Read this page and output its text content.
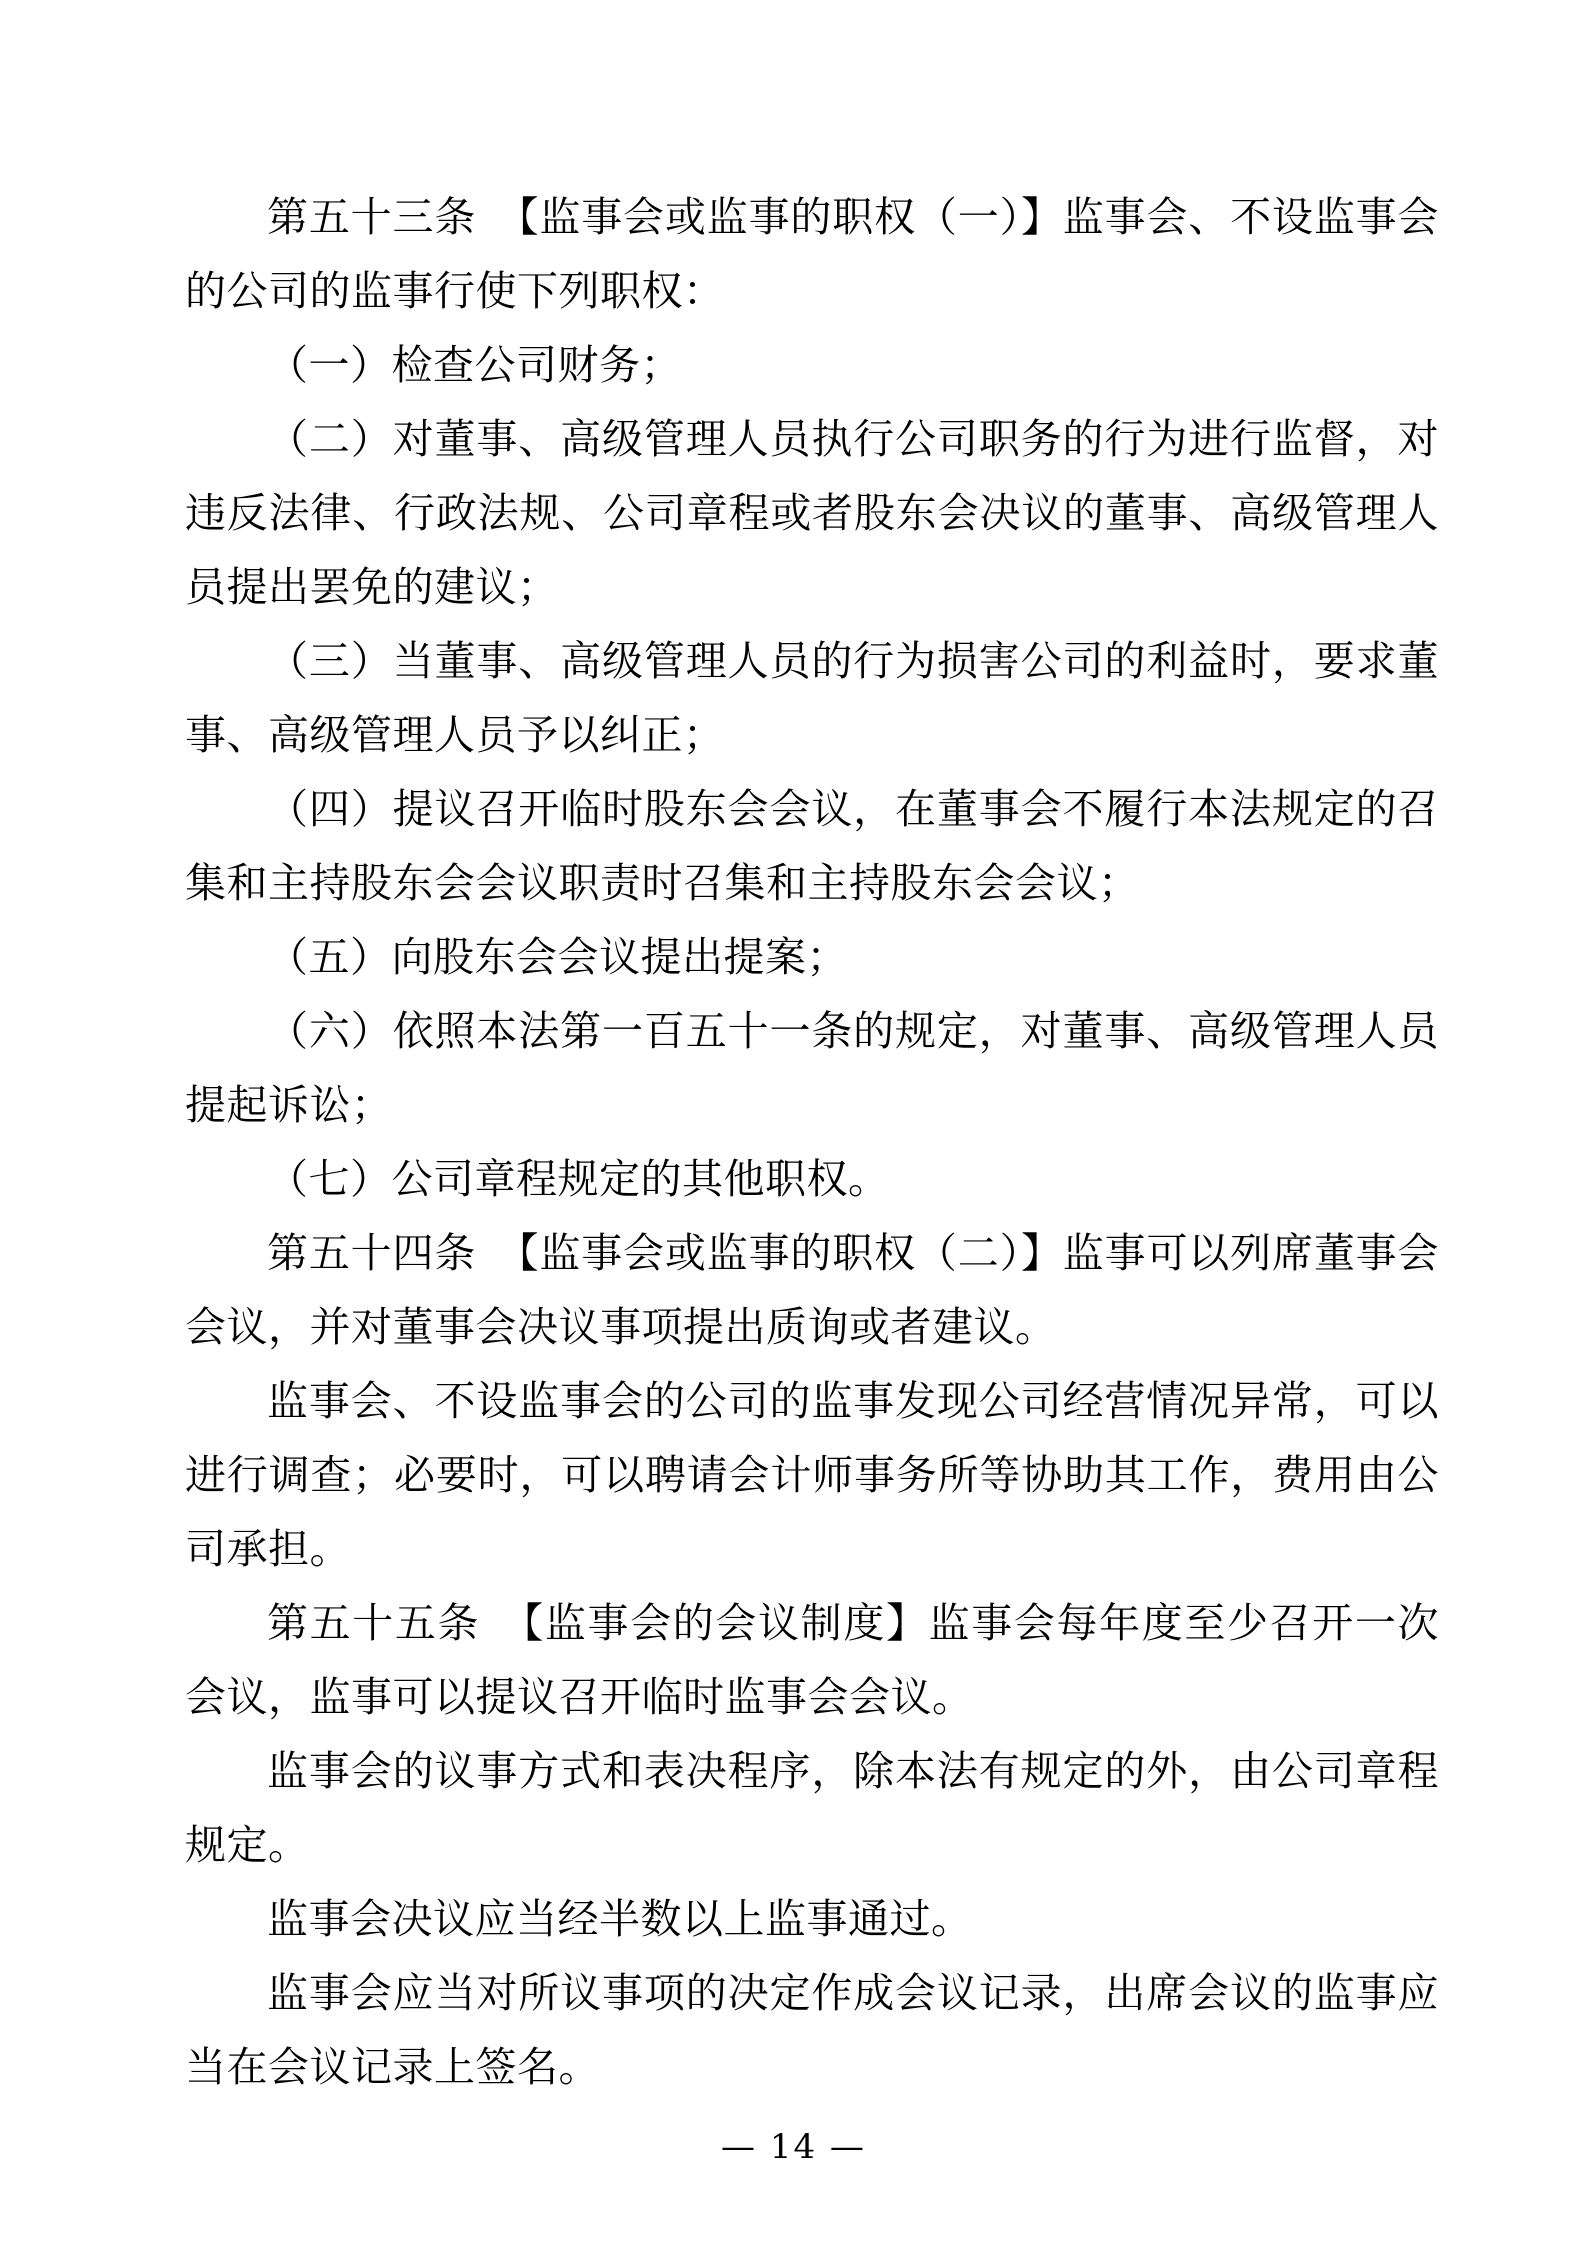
第五十三条　【监事会或监事的职权（一）】监事会、不设监事会的公司的监事行使下列职权：

（一）检查公司财务；

（二）对董事、高级管理人员执行公司职务的行为进行监督，对违反法律、行政法规、公司章程或者股东会决议的董事、高级管理人员提出罢免的建议；

（三）当董事、高级管理人员的行为损害公司的利益时，要求董事、高级管理人员予以纠正；

（四）提议召开临时股东会会议，在董事会不履行本法规定的召集和主持股东会会议职责时召集和主持股东会会议；

（五）向股东会会议提出提案；

（六）依照本法第一百五十一条的规定，对董事、高级管理人员提起诉讼；

（七）公司章程规定的其他职权。

第五十四条　【监事会或监事的职权（二）】监事可以列席董事会会议，并对董事会决议事项提出质询或者建议。

监事会、不设监事会的公司的监事发现公司经营情况异常，可以进行调查；必要时，可以聘请会计师事务所等协助其工作，费用由公司承担。

第五十五条　【监事会的会议制度】监事会每年度至少召开一次会议，监事可以提议召开临时监事会会议。

监事会的议事方式和表决程序，除本法有规定的外，由公司章程规定。

监事会决议应当经半数以上监事通过。

监事会应当对所议事项的决定作成会议记录，出席会议的监事应当在会议记录上签名。

— 14 —
